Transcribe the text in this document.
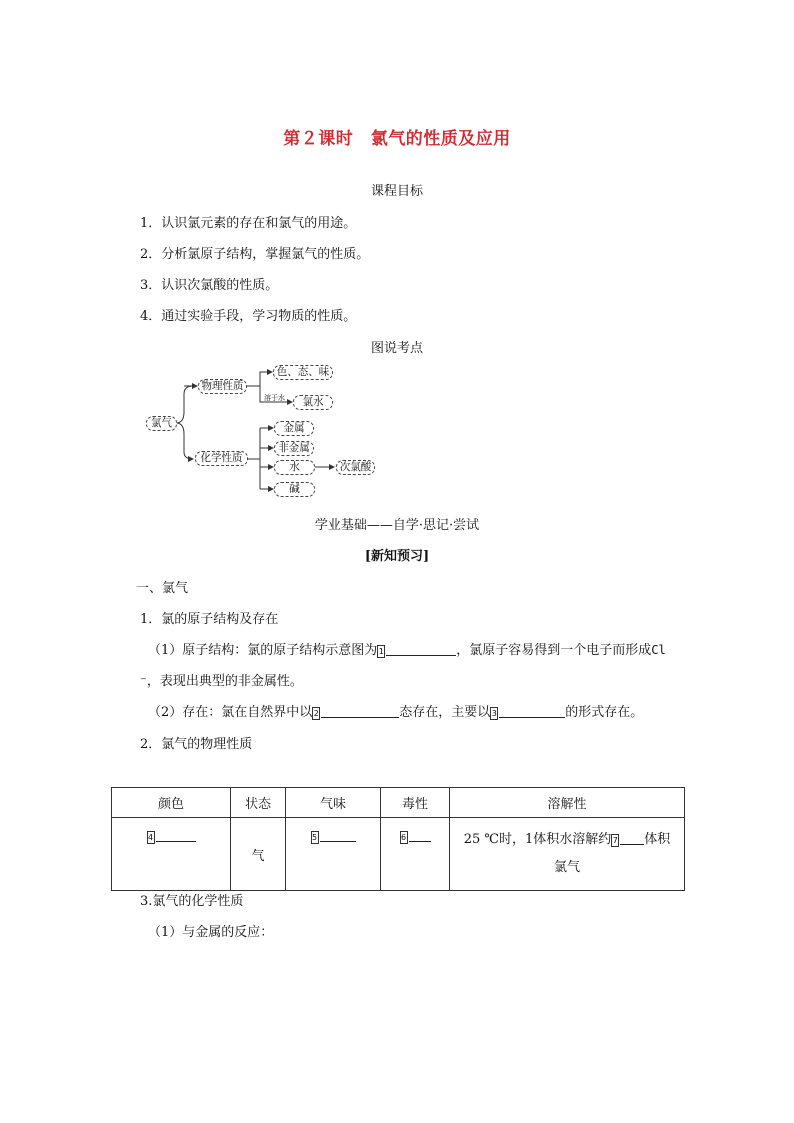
第２课时　氯气的性质及应用
课程目标
1．认识氯元素的存在和氯气的用途。
2．分析氯原子结构，掌握氯气的性质。
3．认识次氯酸的性质。
4．通过实验手段，学习物质的性质。
图说考点
氯气
物理性质
化学性质
色、态、味
溶于水	氯水
金属
非金属
水	次氯酸
碱
学业基础——自学·思记·尝试
[新知预习]
一、氯气
1．氯的原子结构及存在
（1）原子结构：氯的原子结构示意图为1	，氯原子容易得到一个电子而形成Cl
⁻，表现出典型的非金属性。
（2）存在：氯在自然界中以2	态存在，主要以3	的形式存在。
2．氯气的物理性质
颜色	状态	气味	毒性	溶解性
4	气	5	6	25 ℃时，1体积水溶解约7 体积
氯气
3.氯气的化学性质
（1）与金属的反应：
